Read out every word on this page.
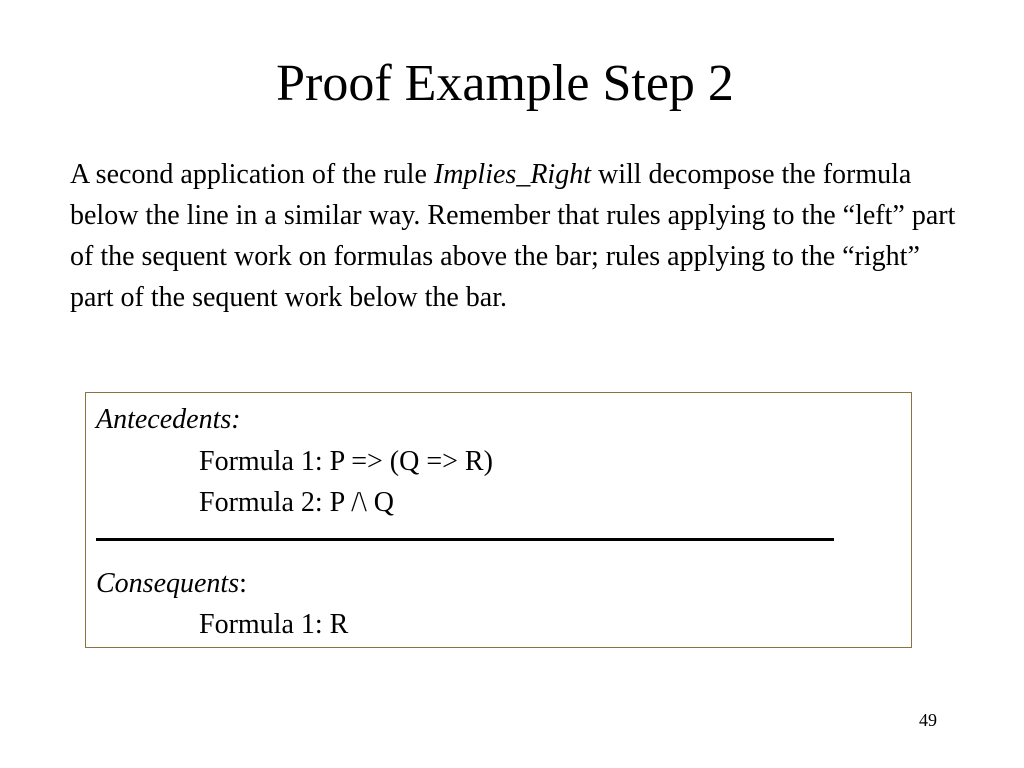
Proof Example Step 2
A second application of the rule Implies_Right will decompose the formula below the line in a similar way. Remember that rules applying to the “left” part of the sequent work on formulas above the bar; rules applying to the “right” part of the sequent work below the bar.
Antecedents:
Formula 1: P => (Q => R)
Formula 2: P /\ Q
Consequents:
Formula 1: R
49
